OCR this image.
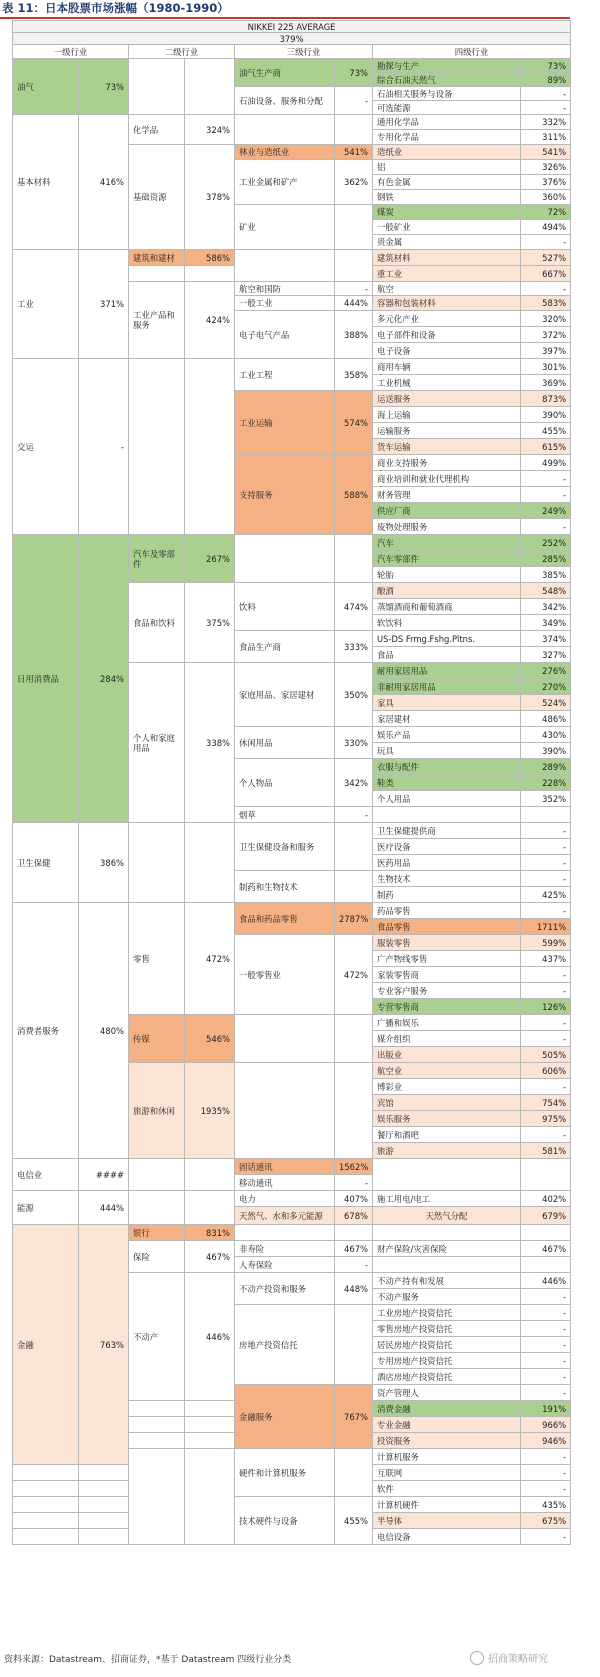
表 11：日本股票市场涨幅（1980-1990）
NIKKEI 225 AVERAGE							
379%							
一级行业		二级行业		三级行业		四级行业	
油气	73%			油气生产商	73%	勘探与生产	73%
						综合石油天然气	89%
				石油设备、服务和分配	-	石油相关服务与设备	-
						可选能源	-
基本材料	416%	化学品	324%			通用化学品	332%
						专用化学品	311%
		基础资源	378%	林业与造纸业	541%	造纸业	541%
				工业金属和矿产	362%	铝	326%
						有色金属	376%
						钢铁	360%
				矿业		煤炭	72%
						一般矿业	494%
						贵金属	-
工业	371%	建筑和建材	586%			建筑材料	527%
						重工业	667%
		工业产品和服务	424%	航空和国防	-	航空	-
				一般工业	444%	容器和包装材料	583%
				电子电气产品	388%	多元化产业	320%
						电子部件和设备	372%
						电子设备	397%
交运	-			工业工程	358%	商用车辆	301%
						工业机械	369%
				工业运输	574%	运送服务	873%
						海上运输	390%
						运输服务	455%
						货车运输	615%
				支持服务	588%	商业支持服务	499%
						商业培训和就业代理机构	-
						财务管理	-
						供应厂商	249%
						废物处理服务	-
日用消费品	284%	汽车及零部件	267%			汽车	252%
						汽车零部件	285%
						轮胎	385%
		食品和饮料	375%	饮料	474%	酿酒	548%
						蒸馏酒商和葡萄酒商	342%
						软饮料	349%
				食品生产商	333%	US-DS Frmg.Fshg.Pltns.	374%
						食品	327%
		个人和家庭用品	338%	家庭用品、家居建材	350%	耐用家居用品	276%
						非耐用家居用品	270%
						家具	524%
						家居建材	486%
				休闲用品	330%	娱乐产品	430%
						玩具	390%
				个人物品	342%	衣服与配件	289%
						鞋类	228%
						个人用品	352%
				烟草	-		
卫生保健	386%			卫生保健设备和服务		卫生保健提供商	-
						医疗设备	-
						医药用品	-
				制药和生物技术		生物技术	-
						制药	425%
消费者服务	480%	零售	472%	食品和药品零售	2787%	药品零售	-
						食品零售	1711%
				一般零售业	472%	服装零售	599%
						广产物线零售	437%
						家装零售商	-
						专业客户服务	-
						专营零售商	126%
		传媒	546%			广播和娱乐	-
						媒介组织	-
						出版业	505%
		旅游和休闲	1935%			航空业	606%
						博彩业	-
						宾馆	754%
						娱乐服务	975%
						餐厅和酒吧	-
						旅游	581%
电信业	####			固话通讯	1562%		
				移动通讯	-		
能源	444%			电力	407%	施工用电/电工	402%
				天然气、水和多元能源	678%	天然气分配	679%
金融	763%	银行	831%				
		保险	467%	非寿险	467%	财产保险/灾害保险	467%
				人寿保险	-		
		不动产	446%	不动产投资和服务	448%	不动产持有和发展	446%
						不动产服务	-
				房地产投资信托		工业房地产投资信托	-
						零售房地产投资信托	-
						居民房地产投资信托	-
						专用房地产投资信托	-
						酒店房地产投资信托	-
				金融服务	767%	资产管理人	-
						消费金融	191%
						专业金融	966%
						投资服务	946%
				硬件和计算机服务		计算机服务	-
						互联网	-
						软件	-
				技术硬件与设备	455%	计算机硬件	435%
						半导体	675%
						电信设备	-
资料来源：Datastream、招商证券，*基于 Datastream 四级行业分类	招商策略研究
